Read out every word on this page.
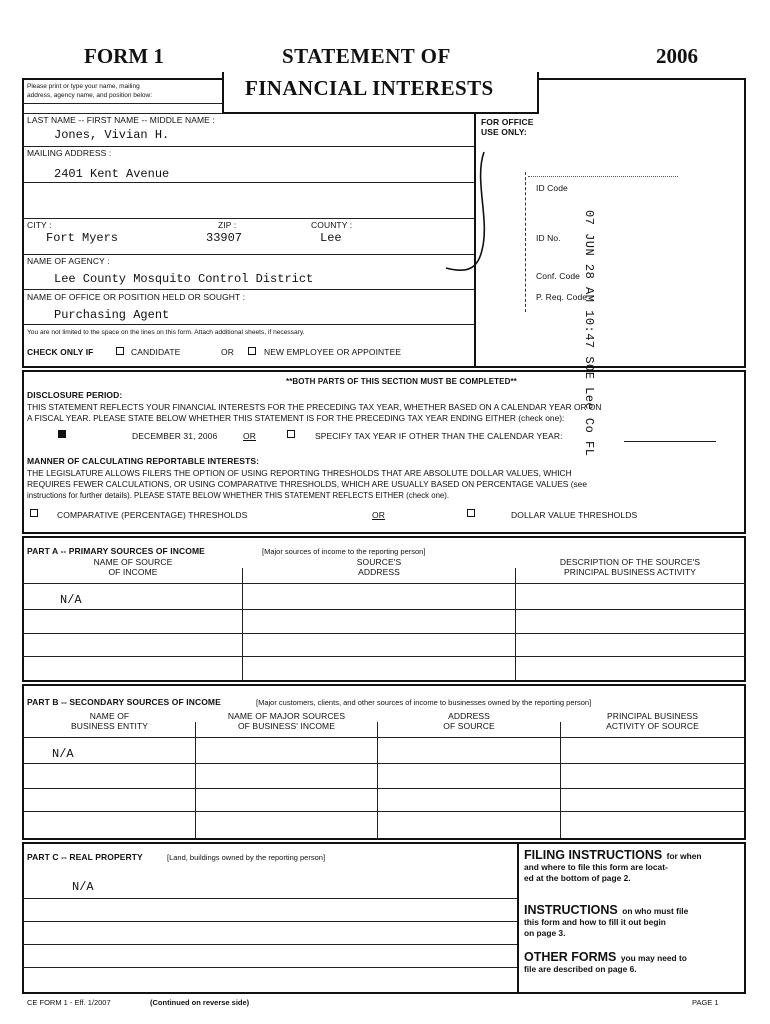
FORM 1	STATEMENT OF	2006
FINANCIAL INTERESTS
Please print or type your name, mailing
address, agency name, and position below:
LAST NAME -- FIRST NAME -- MIDDLE NAME :
Jones, Vivian H.
MAILING ADDRESS :
2401 Kent Avenue
CITY :
Fort Myers
ZIP :
33907
COUNTY :
Lee
NAME OF AGENCY :
Lee County Mosquito Control District
NAME OF OFFICE OR POSITION HELD OR SOUGHT :
Purchasing Agent
You are not limited to the space on the lines on this form. Attach additional sheets, if necessary.
CHECK ONLY IF	CANDIDATE	OR	NEW EMPLOYEE OR APPOINTEE
FOR OFFICE
USE ONLY:
ID Code
ID No.
Conf. Code
P. Req. Code
07 JUN 28 AM 10:47 SOE Lee Co FL
**BOTH PARTS OF THIS SECTION MUST BE COMPLETED**
DISCLOSURE PERIOD:
THIS STATEMENT REFLECTS YOUR FINANCIAL INTERESTS FOR THE PRECEDING TAX YEAR, WHETHER BASED ON A CALENDAR YEAR OR ON
A FISCAL YEAR. PLEASE STATE BELOW WHETHER THIS STATEMENT IS FOR THE PRECEDING TAX YEAR ENDING EITHER (check one):
DECEMBER 31, 2006	OR	SPECIFY TAX YEAR IF OTHER THAN THE CALENDAR YEAR:
MANNER OF CALCULATING REPORTABLE INTERESTS:
THE LEGISLATURE ALLOWS FILERS THE OPTION OF USING REPORTING THRESHOLDS THAT ARE ABSOLUTE DOLLAR VALUES, WHICH
REQUIRES FEWER CALCULATIONS, OR USING COMPARATIVE THRESHOLDS, WHICH ARE USUALLY BASED ON PERCENTAGE VALUES (see
instructions for further details). PLEASE STATE BELOW WHETHER THIS STATEMENT REFLECTS EITHER (check one).
COMPARATIVE (PERCENTAGE) THRESHOLDS	OR	DOLLAR VALUE THRESHOLDS
PART A -- PRIMARY SOURCES OF INCOME	[Major sources of income to the reporting person]
NAME OF SOURCE
OF INCOME
SOURCE'S
ADDRESS
DESCRIPTION OF THE SOURCE'S
PRINCIPAL BUSINESS ACTIVITY
N/A
PART B -- SECONDARY SOURCES OF INCOME	[Major customers, clients, and other sources of income to businesses owned by the reporting person]
NAME OF
BUSINESS ENTITY
NAME OF MAJOR SOURCES
OF BUSINESS' INCOME
ADDRESS
OF SOURCE
PRINCIPAL BUSINESS
ACTIVITY OF SOURCE
N/A
PART C -- REAL PROPERTY	[Land, buildings owned by the reporting person]
N/A
FILING INSTRUCTIONS for when
and where to file this form are locat-
ed at the bottom of page 2.
INSTRUCTIONS on who must file
this form and how to fill it out begin
on page 3.
OTHER FORMS you may need to
file are described on page 6.
CE FORM 1 - Eff. 1/2007	(Continued on reverse side)	PAGE 1
